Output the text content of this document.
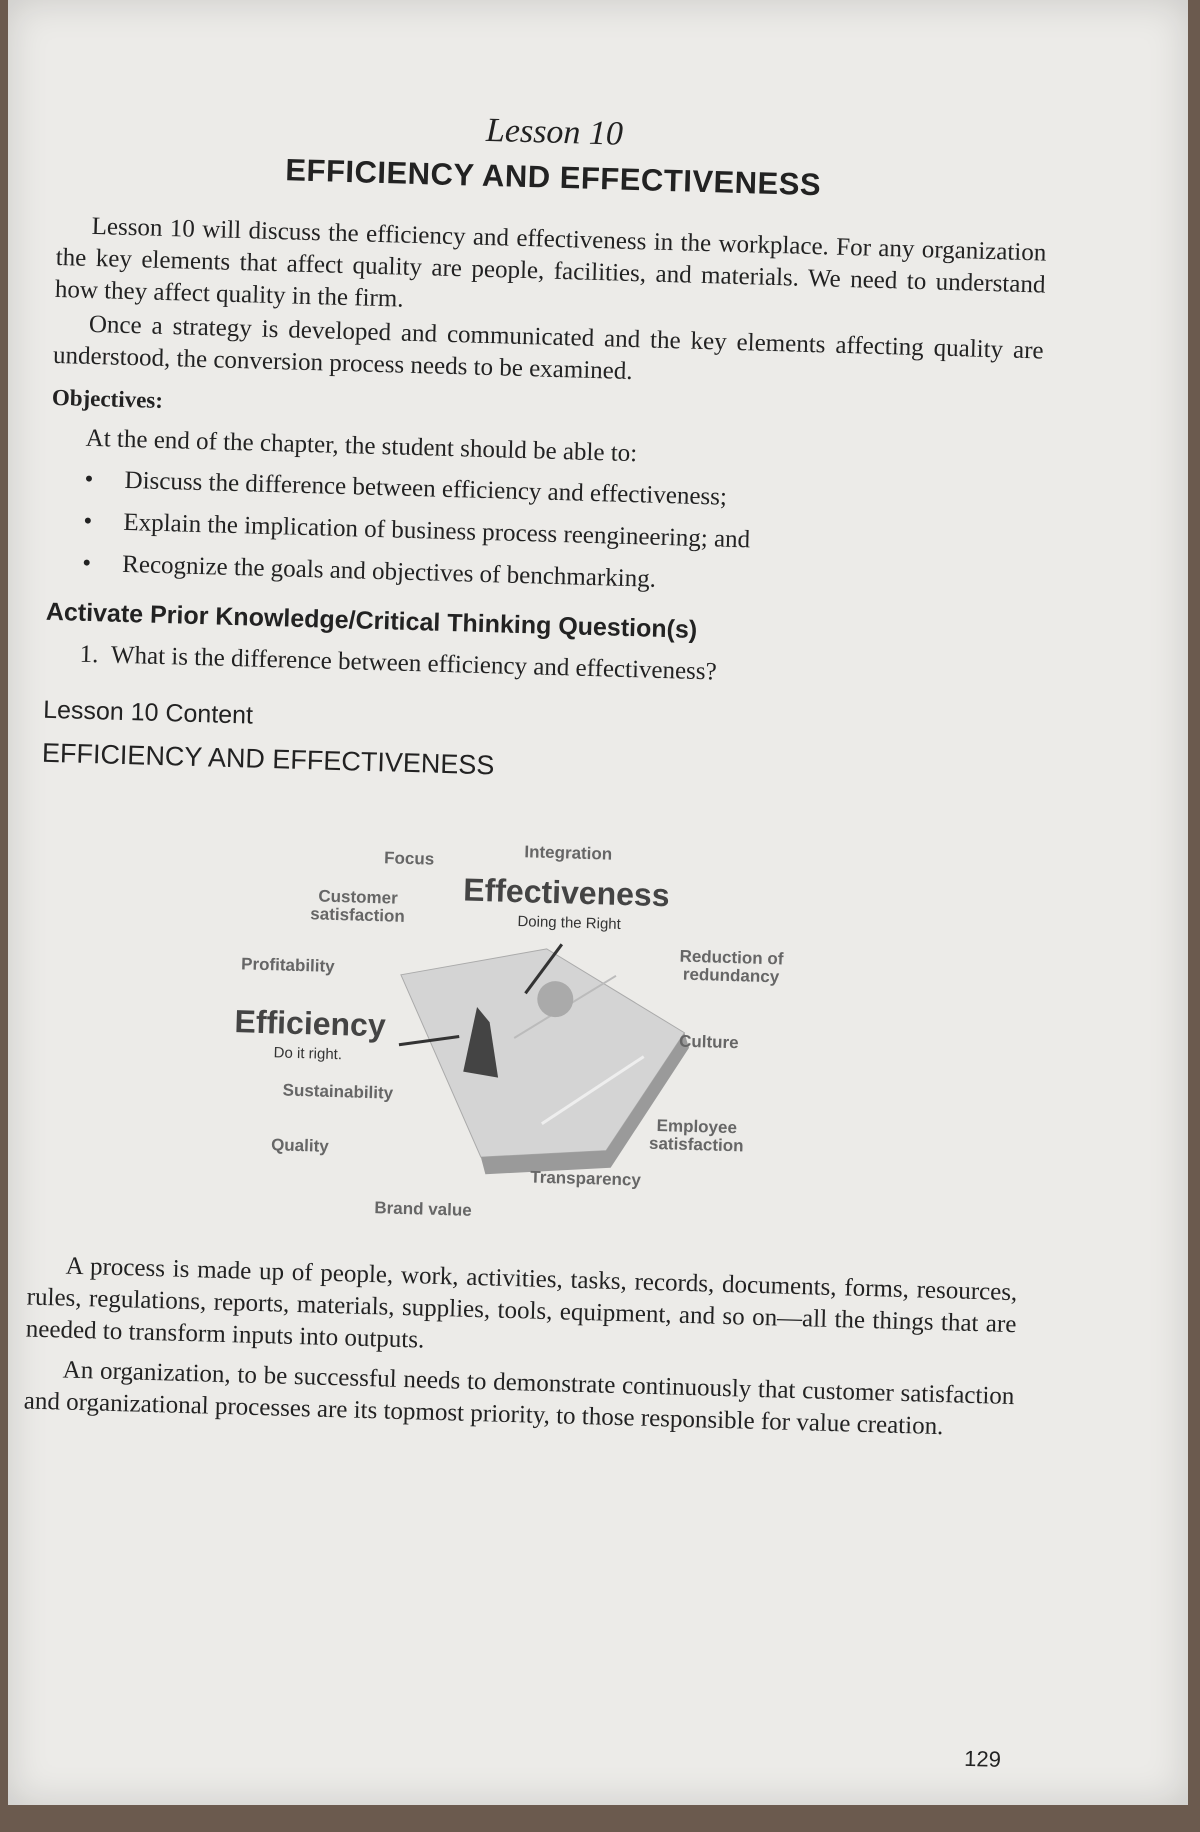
Lesson 10
EFFICIENCY AND EFFECTIVENESS

Lesson 10 will discuss the efficiency and effectiveness in the workplace. For any organization the key elements that affect quality are people, facilities, and materials. We need to understand how they affect quality in the firm.

Once a strategy is developed and communicated and the key elements affecting quality are understood, the conversion process needs to be examined.

Objectives:
At the end of the chapter, the student should be able to:
•	Discuss the difference between efficiency and effectiveness;
•	Explain the implication of business process reengineering; and
•	Recognize the goals and objectives of benchmarking.
Activate Prior Knowledge/Critical Thinking Question(s)
1. What is the difference between efficiency and effectiveness?
Lesson 10 Content
EFFICIENCY AND EFFECTIVENESS
Focus	Integration
Customer satisfaction
Reduction of redundancy
Profitability
Culture
Sustainability
Quality
Employee satisfaction
Transparency
Brand value
Effectiveness
Doing the Right
Efficiency
Do it right.

A process is made up of people, work, activities, tasks, records, documents, forms, resources, rules, regulations, reports, materials, supplies, tools, equipment, and so on—all the things that are needed to transform inputs into outputs.

An organization, to be successful needs to demonstrate continuously that customer satisfaction and organizational processes are its topmost priority, to those responsible for value creation.

129
